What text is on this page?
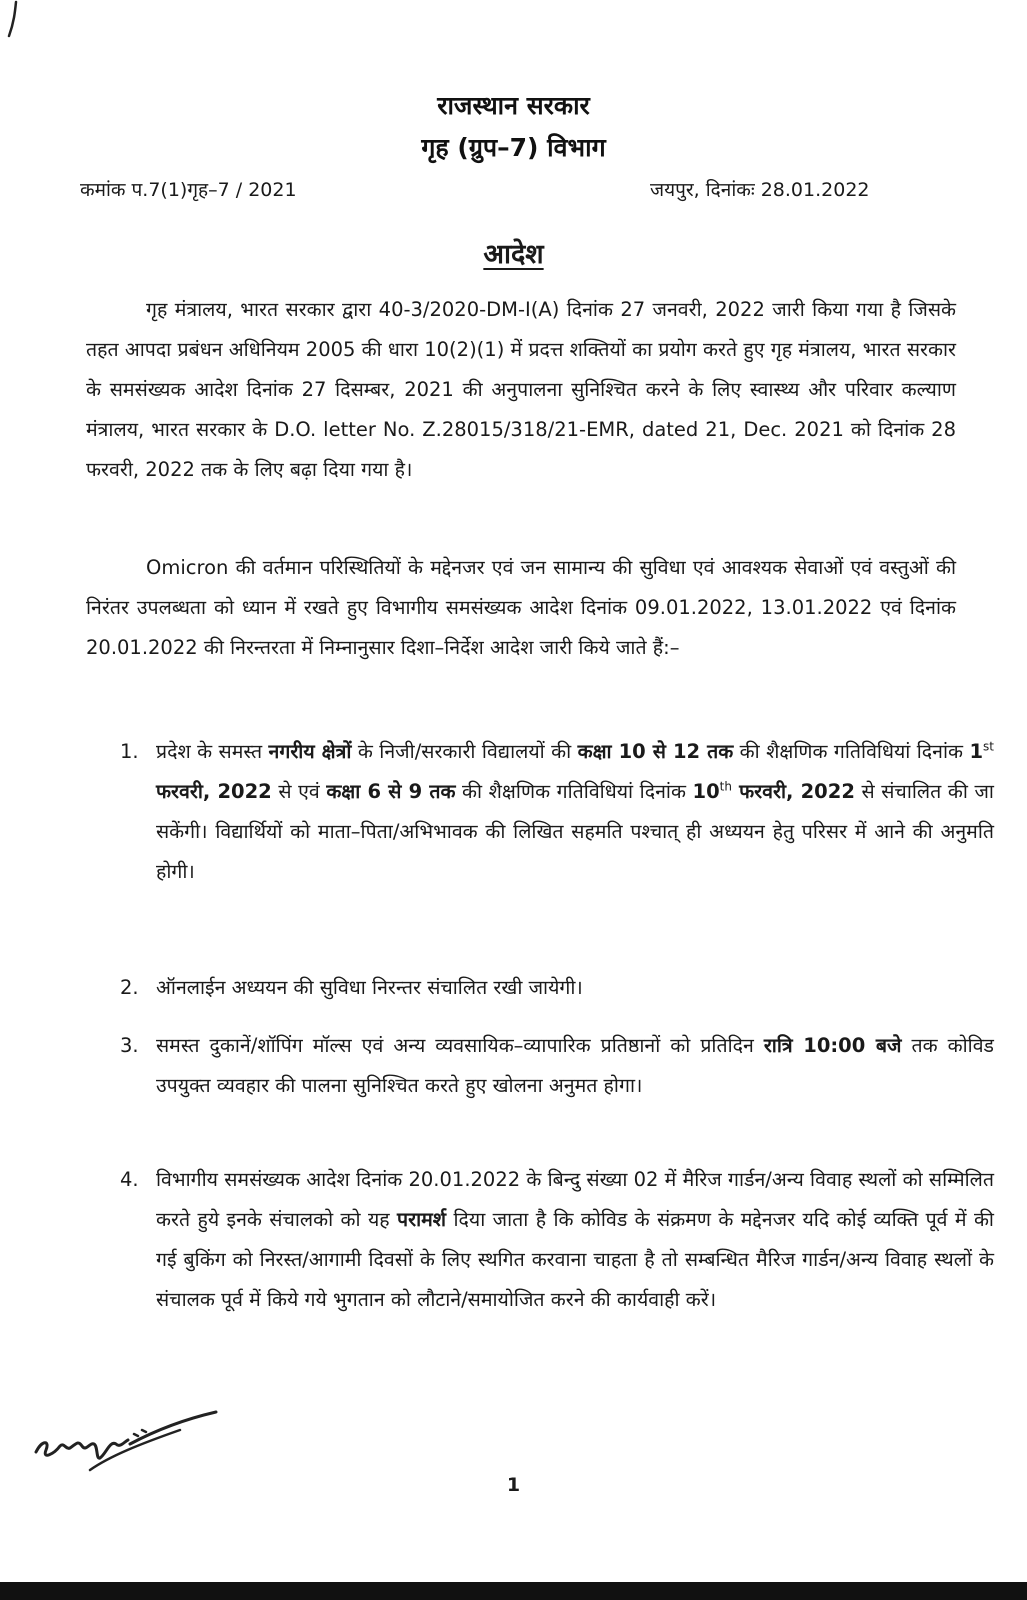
राजस्थान सरकार
गृह (ग्रुप–7) विभाग
कमांक प.7(1)गृह–7 / 2021	जयपुर, दिनांकः 28.01.2022
आदेश
गृह मंत्रालय, भारत सरकार द्वारा 40-3/2020-DM-I(A) दिनांक 27 जनवरी, 2022 जारी किया गया है जिसके तहत आपदा प्रबंधन अधिनियम 2005 की धारा 10(2)(1) में प्रदत्त शक्तियों का प्रयोग करते हुए गृह मंत्रालय, भारत सरकार के समसंख्यक आदेश दिनांक 27 दिसम्बर, 2021 की अनुपालना सुनिश्चित करने के लिए स्वास्थ्य और परिवार कल्याण मंत्रालय, भारत सरकार के D.O. letter No. Z.28015/318/21-EMR, dated 21, Dec. 2021 को दिनांक 28 फरवरी, 2022 तक के लिए बढ़ा दिया गया है।
Omicron की वर्तमान परिस्थितियों के मद्देनजर एवं जन सामान्य की सुविधा एवं आवश्यक सेवाओं एवं वस्तुओं की निरंतर उपलब्धता को ध्यान में रखते हुए विभागीय समसंख्यक आदेश दिनांक 09.01.2022, 13.01.2022 एवं दिनांक 20.01.2022 की निरन्तरता में निम्नानुसार दिशा–निर्देश आदेश जारी किये जाते हैं:–
1. प्रदेश के समस्त नगरीय क्षेत्रों के निजी/सरकारी विद्यालयों की कक्षा 10 से 12 तक की शैक्षणिक गतिविधियां दिनांक 1st फरवरी, 2022 से एवं कक्षा 6 से 9 तक की शैक्षणिक गतिविधियां दिनांक 10th फरवरी, 2022 से संचालित की जा सकेंगी। विद्यार्थियों को माता–पिता/अभिभावक की लिखित सहमति पश्चात् ही अध्ययन हेतु परिसर में आने की अनुमति होगी।
2. ऑनलाईन अध्ययन की सुविधा निरन्तर संचालित रखी जायेगी।
3. समस्त दुकानें/शॉपिंग मॉल्स एवं अन्य व्यवसायिक–व्यापारिक प्रतिष्ठानों को प्रतिदिन रात्रि 10:00 बजे तक कोविड उपयुक्त व्यवहार की पालना सुनिश्चित करते हुए खोलना अनुमत होगा।
4. विभागीय समसंख्यक आदेश दिनांक 20.01.2022 के बिन्दु संख्या 02 में मैरिज गार्डन/अन्य विवाह स्थलों को सम्मिलित करते हुये इनके संचालको को यह परामर्श दिया जाता है कि कोविड के संक्रमण के मद्देनजर यदि कोई व्यक्ति पूर्व में की गई बुकिंग को निरस्त/आगामी दिवसों के लिए स्थगित करवाना चाहता है तो सम्बन्धित मैरिज गार्डन/अन्य विवाह स्थलों के संचालक पूर्व में किये गये भुगतान को लौटाने/समायोजित करने की कार्यवाही करें।
1
